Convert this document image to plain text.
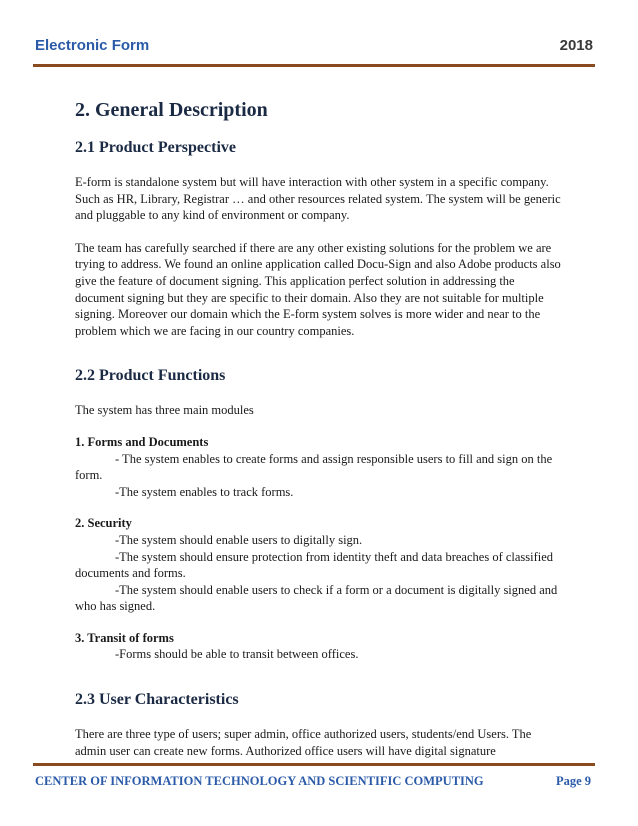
Electronic Form	2018
2. General Description
2.1 Product Perspective

E-form is standalone system but will have interaction with other system in a specific company. Such as HR, Library, Registrar … and other resources related system. The system will be generic and pluggable to any kind of environment or company.

The team has carefully searched if there are any other existing solutions for the problem we are trying to address. We found an online application called Docu-Sign and also Adobe products also give the feature of document signing. This application perfect solution in addressing the document signing but they are specific to their domain. Also they are not suitable for multiple signing. Moreover our domain which the E-form system solves is more wider and near to the problem which we are facing in our country companies.

2.2 Product Functions

The system has three main modules

1. Forms and Documents

- The system enables to create forms and assign responsible users to fill and sign on the form.

-The system enables to track forms.

2. Security

-The system should enable users to digitally sign.

-The system should ensure protection from identity theft and data breaches of classified documents and forms.

-The system should enable users to check if a form or a document is digitally signed and who has signed.

3. Transit of forms

-Forms should be able to transit between offices.

2.3 User Characteristics

There are three type of users; super admin, office authorized users, students/end Users. The admin user can create new forms. Authorized office users will have digital signature

CENTER OF INFORMATION TECHNOLOGY AND SCIENTIFIC COMPUTING	Page 9
